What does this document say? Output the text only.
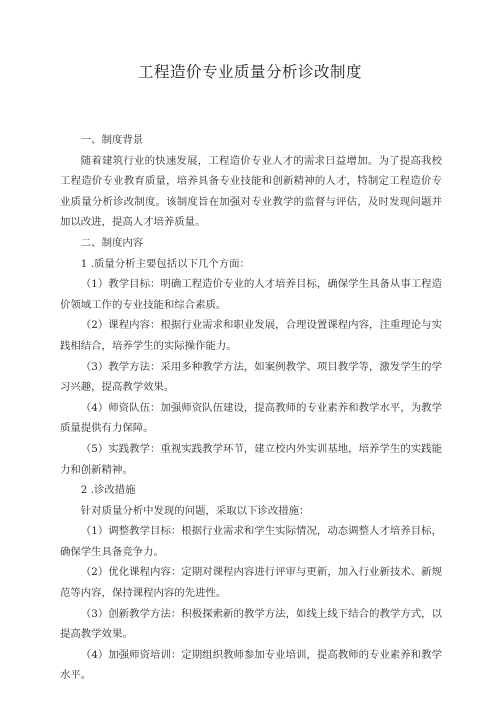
工程造价专业质量分析诊改制度

一、制度背景

随着建筑行业的快速发展，工程造价专业人才的需求日益增加。为了提高我校工程造价专业教育质量，培养具备专业技能和创新精神的人才，特制定工程造价专业质量分析诊改制度。该制度旨在加强对专业教学的监督与评估，及时发现问题并加以改进，提高人才培养质量。

二、制度内容

1 .质量分析主要包括以下几个方面：

（1）教学目标：明确工程造价专业的人才培养目标，确保学生具备从事工程造价领域工作的专业技能和综合素质。

（2）课程内容：根据行业需求和职业发展，合理设置课程内容，注重理论与实践相结合，培养学生的实际操作能力。

（3）教学方法：采用多种教学方法，如案例教学、项目教学等，激发学生的学习兴趣，提高教学效果。

（4）师资队伍：加强师资队伍建设，提高教师的专业素养和教学水平，为教学质量提供有力保障。

（5）实践教学：重视实践教学环节，建立校内外实训基地，培养学生的实践能力和创新精神。

2 .诊改措施

针对质量分析中发现的问题，采取以下诊改措施：

（1）调整教学目标：根据行业需求和学生实际情况，动态调整人才培养目标，确保学生具备竞争力。

（2）优化课程内容：定期对课程内容进行评审与更新，加入行业新技术、新规范等内容，保持课程内容的先进性。

（3）创新教学方法：积极探索新的教学方法，如线上线下结合的教学方式，以提高教学效果。

（4）加强师资培训：定期组织教师参加专业培训，提高教师的专业素养和教学水平。
